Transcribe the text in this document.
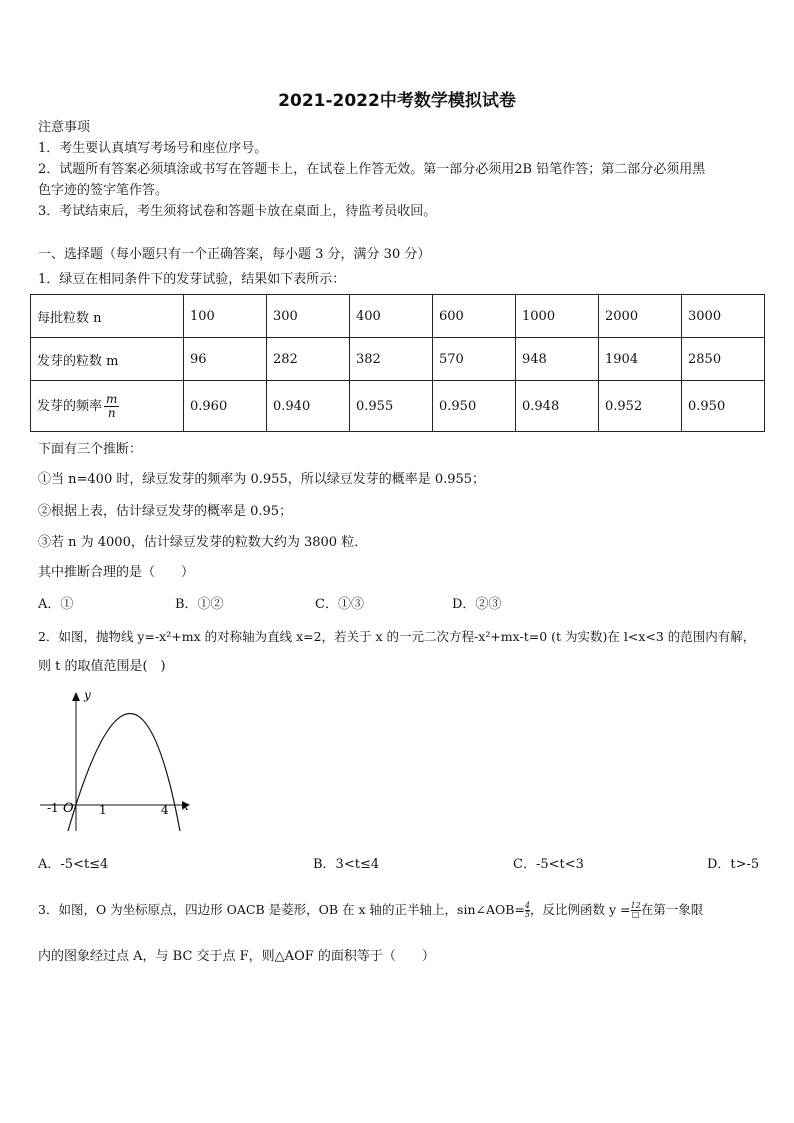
2021-2022中考数学模拟试卷
注意事项
1．考生要认真填写考场号和座位序号。
2．试题所有答案必须填涂或书写在答题卡上，在试卷上作答无效。第一部分必须用2B 铅笔作答；第二部分必须用黑
色字迹的签字笔作答。
3．考试结束后，考生须将试卷和答题卡放在桌面上，待监考员收回。
一、选择题（每小题只有一个正确答案，每小题 3 分，满分 30 分）
1．绿豆在相同条件下的发芽试验，结果如下表所示：
每批粒数 n	100	300	400	600	1000	2000	3000
发芽的粒数 m	96	282	382	570	948	1904	2850
发芽的频率 $\frac{m}{n}$	0.960	0.940	0.955	0.950	0.948	0.952	0.950
下面有三个推断：
①当 n=400 时，绿豆发芽的频率为 0.955，所以绿豆发芽的概率是 0.955；
②根据上表，估计绿豆发芽的概率是 0.95；
③若 n 为 4000，估计绿豆发芽的粒数大约为 3800 粒．
其中推断合理的是（　　）
A．①	B．①②	C．①③	D．②③
2．如图，抛物线 y=-x²+mx 的对称轴为直线 x=2，若关于 x 的一元二次方程-x²+mx-t=0 (t 为实数)在 l<x<3 的范围内有解，
则 t 的取值范围是(　)
y
x
-1 O 1	4
A．-5<t≤4	B．3<t≤4	C．-5<t<3	D．t>-5
3．如图，O 为坐标原点，四边形 OACB 是菱形，OB 在 x 轴的正半轴上，sin∠AOB= $\frac{4}{5}$ ，反比例函数 $y = \frac{12}{□}$ 在第一象限
内的图象经过点 A，与 BC 交于点 F，则△AOF 的面积等于（　　）
